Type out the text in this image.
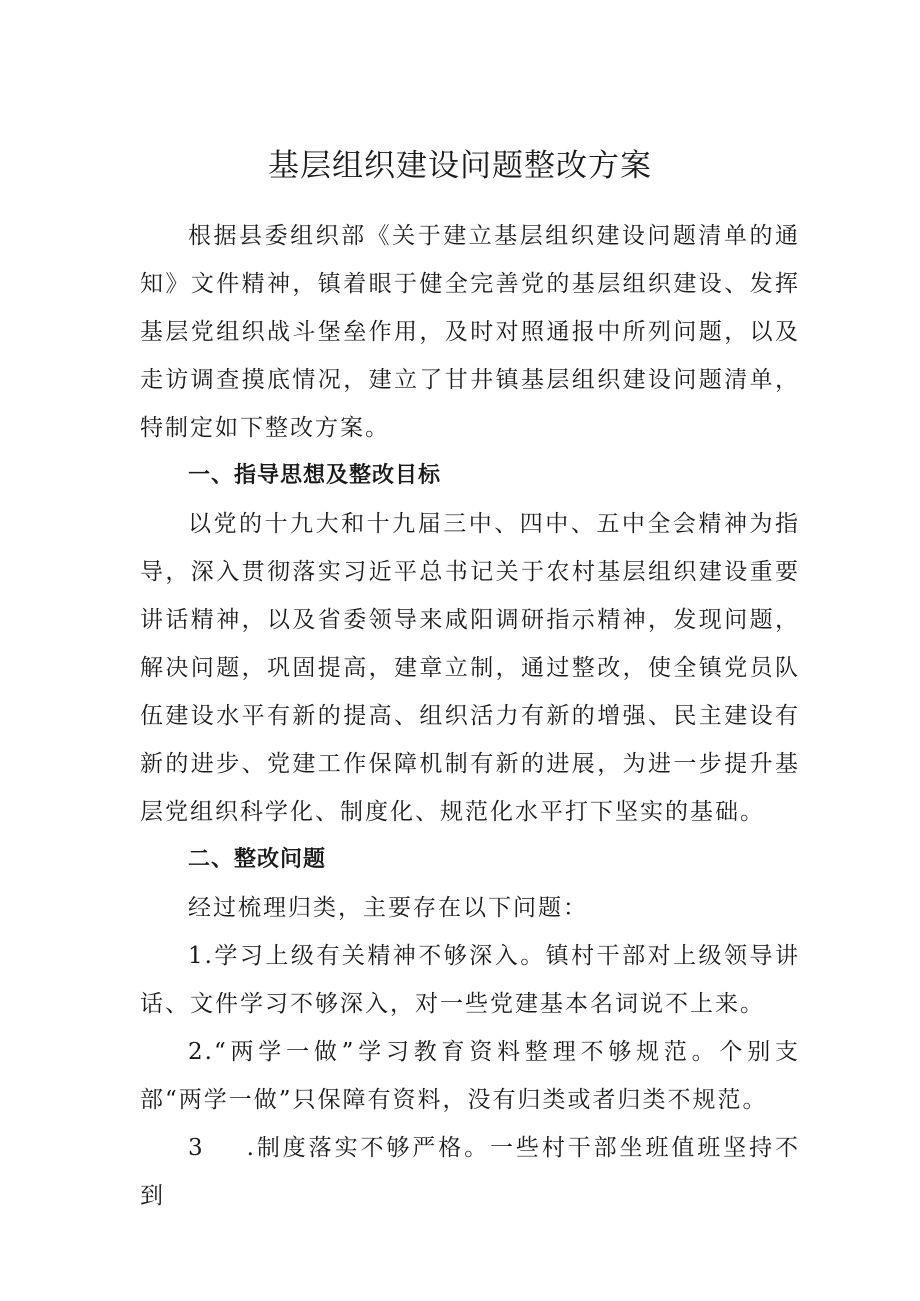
基层组织建设问题整改方案

根据县委组织部《关于建立基层组织建设问题清单的通知》文件精神，镇着眼于健全完善党的基层组织建设、发挥基层党组织战斗堡垒作用，及时对照通报中所列问题，以及走访调查摸底情况，建立了甘井镇基层组织建设问题清单，特制定如下整改方案。

一、指导思想及整改目标

以党的十九大和十九届三中、四中、五中全会精神为指导，深入贯彻落实习近平总书记关于农村基层组织建设重要讲话精神，以及省委领导来咸阳调研指示精神，发现问题，解决问题，巩固提高，建章立制，通过整改，使全镇党员队伍建设水平有新的提高、组织活力有新的增强、民主建设有新的进步、党建工作保障机制有新的进展，为进一步提升基层党组织科学化、制度化、规范化水平打下坚实的基础。

二、整改问题

经过梳理归类，主要存在以下问题：

1.学习上级有关精神不够深入。镇村干部对上级领导讲话、文件学习不够深入，对一些党建基本名词说不上来。

2.“两学一做”学习教育资料整理不够规范。个别支部“两学一做”只保障有资料，没有归类或者归类不规范。

3 .制度落实不够严格。一些村干部坐班值班坚持不到
